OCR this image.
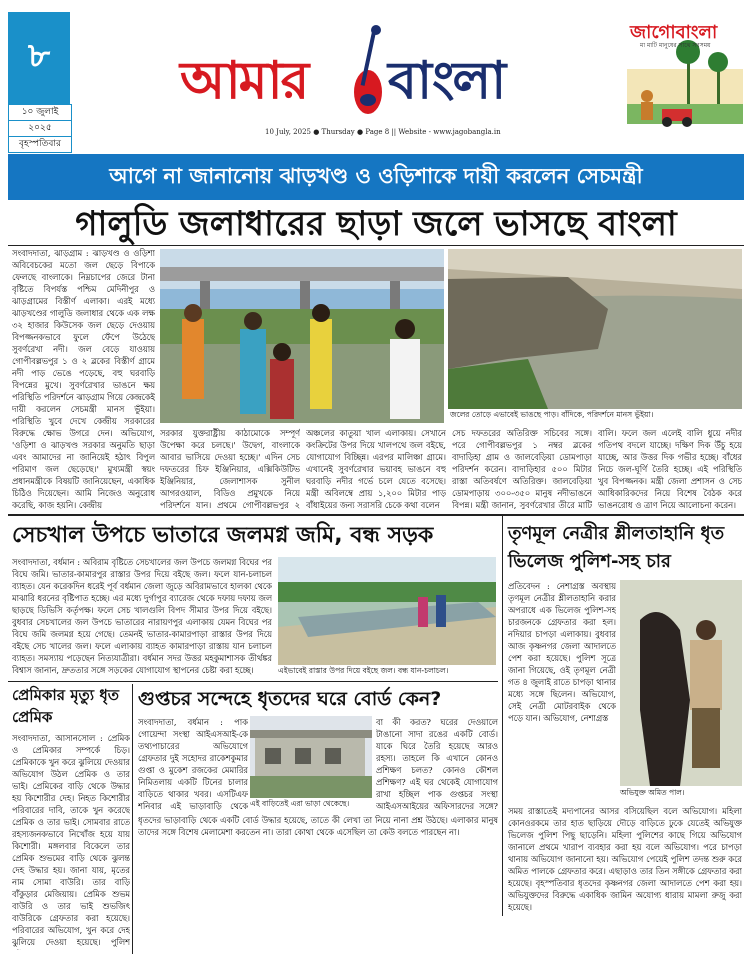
৮
১০ জুলাই
২০২৫
বৃহস্পতিবার
আমার বাংলা
10 July, 2025 ● Thursday ● Page 8 || Website - www.jagobangla.in
জাগোবাংলা
মা মাটি মানুষের সাথে সবসময়
আগে না জানানোয় ঝাড়খণ্ড ও ওড়িশাকে দায়ী করলেন সেচমন্ত্রী
গালুডি জলাধারের ছাড়া জলে ভাসছে বাংলা
সংবাদদাতা, ঝাড়গ্রাম : ঝাড়খণ্ড ও ওড়িশা অবিবেচকের মতো জল ছেড়ে বিপাকে ফেলছে বাংলাকে। নিম্নচাপের জেরে টানা বৃষ্টিতে বিপর্যস্ত পশ্চিম মেদিনীপুর ও ঝাড়গ্রামের বিস্তীর্ণ এলাকা। এরই মধ্যে ঝাড়খণ্ডের গালুডি জলাধার থেকে এক লক্ষ ৩২ হাজার কিউসেক জল ছেড়ে দেওয়ায় বিপজ্জনকভাবে ফুলে ফেঁপে উঠেছে সুবর্ণরেখা নদী। জল বেড়ে যাওয়ায় গোপীবল্লভপুর ১ ও ২ ব্লকের বিস্তীর্ণ গ্রামে নদী পাড় ভেঙে পড়েছে, বহু ঘরবাড়ি বিপন্নের মুখে। সুবর্ণরেখার ভাঙনে ক্ষয় পরিস্থিতি পরিদর্শনে ঝাড়গ্রাম গিয়ে কেন্দ্রকেই দায়ী করলেন সেচমন্ত্রী মানস ভুঁইয়া। পরিস্থিতি খুবে দেখে কেন্দ্রীয় সরকারের বিরুদ্ধে ক্ষোভ উগরে দেন। অভিযোগ, 'ওড়িশা ও ঝাড়খণ্ড সরকার অনুমতি ছাড়া এবং আমাদের না জানিয়েই হঠাৎ বিপুল পরিমাণ জল ছেড়েছে।' মুখ্যমন্ত্রী স্বয়ং প্রধানমন্ত্রীকে বিষয়টি জানিয়েছেন, একাধিক চিঠিও দিয়েছেন। আমি নিজেও অনুরোধ করেছি, কাজ হয়নি। কেন্দ্রীয়
জলের তোড়ে এভাবেই ভাঙছে পাড়। বাঁদিকে, পরিদর্শনে মানস ভুঁইয়া।
সরকার যুক্তরাষ্ট্রীয় কাঠামোকে সম্পূর্ণ উপেক্ষা করে চলছে।' উদ্বেগ, বাংলাকে আবার ভাসিয়ে দেওয়া হচ্ছে।' এদিন সেচ দফতরের চিফ ইঞ্জিনিয়ার, এক্সিকিউটিভ ইঞ্জিনিয়ার, জেলাশাসক সুনীল আগরওয়াল, বিডিও প্রমুখকে নিয়ে পরিদর্শনে যান। প্রথমে গোপীবল্লভপুর ২
অঞ্চলের কাতুয়া খাল এলাকায়। সেখানে কংক্রিটের উপর দিয়ে খালপথে জল বইছে, যোগাযোগ বিচ্ছিন্ন। এরপর মালিঞ্চা গ্রামে। এখানেই সুবর্ণরেখার ভয়াবহ ভাঙনে বহু ঘরবাড়ি নদীর গর্ভে চলে যেতে বসেছে। মন্ত্রী অবিলম্বে প্রায় ১,২০০ মিটার পাড় বাঁধাইয়ের জন্য সরাসরি চেকে কথা বলেন
সেচ দফতরের অতিরিক্ত সচিবের সঙ্গে। পরে গোপীবল্লভপুর ১ নম্বর ব্লকের বাদাড়িহা গ্রাম ও জালবেড়িয়া ডোমপাড়া পরিদর্শন করেন। বাদাড়িহার ৫০০ মিটার রাস্তা অতিবর্ষণে অতিরিক্ত। জালবেড়িয়া ডোমপাড়ায় ৩০০-৩৫০ মানুষ নদীভাঙনে বিপন্ন। মন্ত্রী জানান, সুবর্ণরেখার তীরে মাটি
বালি। ফলে জল এলেই বালি ধুয়ে নদীর গতিপথ বদলে যাচ্ছে। দক্ষিণ দিক উঁচু হয়ে যাচ্ছে, আর উত্তর দিক গভীর হচ্ছে। বাঁধের নিচে জল-ঘূর্ণি তৈরি হচ্ছে। এই পরিস্থিতি খুব বিপজ্জনক। মন্ত্রী জেলা প্রশাসন ও সেচ আধিকারিকদের নিয়ে বিশেষ বৈঠক করে ভাঙনরোধ ও ত্রাণ নিয়ে আলোচনা করেন।
সেচখাল উপচে ভাতারে জলমগ্ন জমি, বন্ধ সড়ক
সংবাদদাতা, বর্ধমান : অবিরাম বৃষ্টিতে সেচখালের জল উপচে জলমগ্ন বিঘের পর বিঘে জমি। ভাতার-কামারপুর রাস্তার উপর দিয়ে বইছে জল। ফলে যান-চলাচল ব্যাহত। যেন করেকদিন ধরেই পূর্ব বর্ধমান জেলা জুড়ে অবিরামভাবে হালকা থেকে মাঝারি ধরনের বৃষ্টিপাত হচ্ছে। এর মধ্যে দুর্গাপুর ব্যারেজ থেকে দফায় দফায় জল ছাড়ছে ডিভিসি কর্তৃপক্ষ। ফলে সেচ খালগুলি বিপদ সীমার উপর দিয়ে বইছে। বুধবার সেচখালের জল উপচে ভাতারের নারায়ণপুর এলাকায় যেমন বিঘের পর বিঘে জমি জলমগ্ন হয়ে গেছে। তেমনই ভাতার-কামারপাড়া রাস্তার উপর দিয়ে বইছে সেচ খালের জল। ফলে এলাকায় ব্যাহত কামারপাড়া রাস্তায় যান চলাচল ব্যাহত। সমস্যায় পড়েছেন নিত্যযাত্রীরা। বর্ধমান সদর উত্তর মহকুমাশাসক তীর্থঙ্কর বিশ্বাস জানান, দ্রুততার সঙ্গে সড়কের যোগাযোগ স্থাপনের চেষ্টা করা হচ্ছে।	এইভাবেই রাস্তার উপর দিয়ে বইছে জল। বন্ধ যান-চলাচল।
তৃণমূল নেত্রীর শ্লীলতাহানি ধৃত ভিলেজ পুলিশ-সহ চার
প্রতিবেদন : নেশাগ্রস্ত অবস্থায় তৃণমূল নেত্রীর শ্লীলতাহানি করার অপরাধে এক ভিলেজ পুলিশ-সহ চারজনকে গ্রেফতার করা হল। নদিয়ার চাপড়া এলাকায়। বুধবার আজ কৃষ্ণনগর জেলা আদালতে পেশ করা হয়েছে। পুলিশ সূত্রে জানা গিয়েছে, ওই তৃণমূল নেত্রী গত ৪ জুলাই রাতে চাপড়া থানার মধ্যে সঙ্গে ছিলেন। অভিযোগ, সেই নেত্রী মোটরবাইক থেকে পড়ে যান। অভিযোগ, নেশাগ্রস্ত
অভিযুক্ত অমিত পাল।
সময় রাস্তাতেই মদ্যপানের আসর বসিয়েছিল বলে অভিযোগ। মহিলা কোনওরকমে তার হাত ছাড়িয়ে দৌড়ে বাড়িতে ঢুকে যেতেই অভিযুক্ত ভিলেজ পুলিশ পিছু ছাড়েনি। মহিলা পুলিশের কাছে গিয়ে অভিযোগ জানালে প্রথমে খারাপ ব্যবহার করা হয় বলে অভিযোগ। পরে চাপড়া থানায় অভিযোগ জানানো হয়। অভিযোগ পেয়েই পুলিশ তদন্ত শুরু করে অমিত পালকে গ্রেফতার করে। এছাড়াও তার তিন সঙ্গীকে গ্রেফতার করা হয়েছে। বৃহস্পতিবার ধৃতদের কৃষ্ণনগর জেলা আদালতে পেশ করা হয়। অভিযুক্তদের বিরুদ্ধে একাধিক জামিন অযোগ্য ধারায় মামলা রুজু করা হয়েছে।
প্রেমিকার মৃত্যু ধৃত প্রেমিক
সংবাদদাতা, আসানসোল : প্রেমিক ও প্রেমিকার সম্পর্কে চিড়। প্রেমিকাকে খুন করে ঝুলিয়ে দেওয়ার অভিযোগ উঠল প্রেমিক ও তার ভাই। প্রেমিকের বাড়ি থেকে উদ্ধার হয় কিশোরীর দেহ। নিহত কিশোরীর পরিবারের দাবি, তাকে খুন করেছে প্রেমিক ও তার ভাই। সোমবার রাতে রহস্যজনকভাবে নিখোঁজ হয়ে যায় কিশোরী। মঙ্গলবার বিকেলে তার প্রেমিক শুভমের বাড়ি থেকে ঝুলন্ত দেহ উদ্ধার হয়। জানা যায়, মৃতের নাম সোমা বাউরি। তার বাড়ি বাঁকুড়ার মেজিয়ায়। প্রেমিক শুভম বাউরি ও তার ভাই শুভজিৎ বাউরিকে গ্রেফতার করা হয়েছে। পরিবারের অভিযোগ, খুন করে দেহ ঝুলিয়ে দেওয়া হয়েছে। পুলিশ
গুপ্তচর সন্দেহে ধৃতদের ঘরে বোর্ড কেন?
সংবাদদাতা, বর্ধমান : পাক গোয়েন্দা সংস্থা আইএসআই-কে তথ্যপাচারের অভিযোগে গ্রেফতার দুই সহোদর রাকেশকুমার গুপ্তা ও মুকেশ রজকের মেমারির নিমিতলায় একটি টিনের চালার বাড়িতে থাকার খবর। এসটিএফ শনিবার এই ভাড়াবাড়ি থেকে এই বাড়িতেই এরা ভাড়া থেকেছে।
বা কী করত? ঘরের দেওয়ালে টাঙানো সাদা রঙের একটি বোর্ড। যাকে ঘিরে তৈরি হয়েছে আরও রহস্য। তাহলে কি এখানে কোনও প্রশিক্ষণ চলত? কোনও কৌশল প্রশিক্ষণ? এই ঘর থেকেই যোগাযোগ রাখা হচ্ছিল পাক গুপ্তচর সংস্থা আইএসআইয়ের অফিসারদের সঙ্গে?
ধৃতদের ভাড়াবাড়ি থেকে একটি বোর্ড উদ্ধার হয়েছে, তাতে কী লেখা তা নিয়ে নানা প্রশ্ন উঠছে। এলাকার মানুষ তাদের সঙ্গে বিশেষ মেলামেশা করতেন না। তারা কোথা থেকে এসেছিল তা কেউ বলতে পারছেন না।
